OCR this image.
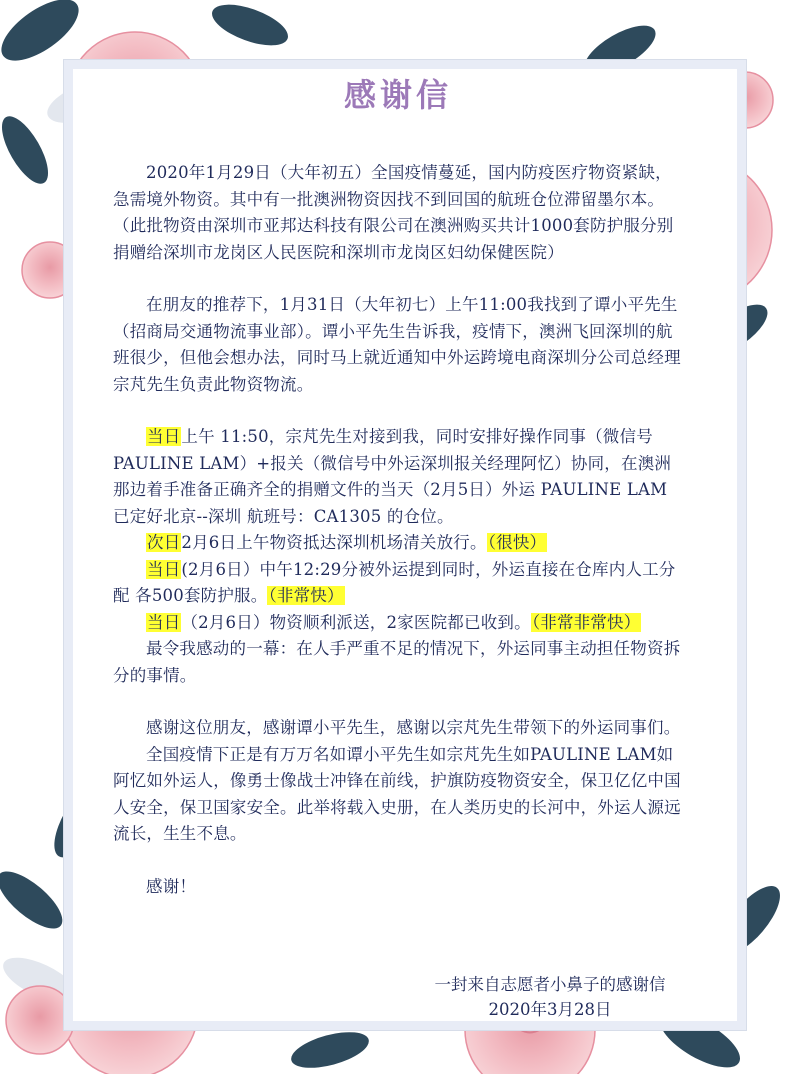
感谢信

2020年1月29日（大年初五）全国疫情蔓延，国内防疫医疗物资紧缺，急需境外物资。其中有一批澳洲物资因找不到回国的航班仓位滞留墨尔本。（此批物资由深圳市亚邦达科技有限公司在澳洲购买共计1000套防护服分别捐赠给深圳市龙岗区人民医院和深圳市龙岗区妇幼保健医院）

在朋友的推荐下，1月31日（大年初七）上午11:00我找到了谭小平先生（招商局交通物流事业部）。谭小平先生告诉我，疫情下，澳洲飞回深圳的航班很少，但他会想办法，同时马上就近通知中外运跨境电商深圳分公司总经理宗芃先生负责此物资物流。

当日上午 11:50，宗芃先生对接到我，同时安排好操作同事（微信号 PAULINE LAM）+报关（微信号中外运深圳报关经理阿忆）协同，在澳洲那边着手准备正确齐全的捐赠文件的当天（2月5日）外运 PAULINE LAM 已定好北京--深圳 航班号：CA1305 的仓位。

次日2月6日上午物资抵达深圳机场清关放行。（很快）

当日(2月6日）中午12:29分被外运提到同时，外运直接在仓库内人工分配 各500套防护服。（非常快）

当日（2月6日）物资顺利派送，2家医院都已收到。（非常非常快）

最令我感动的一幕：在人手严重不足的情况下，外运同事主动担任物资拆分的事情。

感谢这位朋友，感谢谭小平先生，感谢以宗芃先生带领下的外运同事们。

全国疫情下正是有万万名如谭小平先生如宗芃先生如PAULINE LAM如阿忆如外运人，像勇士像战士冲锋在前线，护旗防疫物资安全，保卫亿亿中国人安全，保卫国家安全。此举将载入史册，在人类历史的长河中，外运人源远流长，生生不息。

感谢！

一封来自志愿者小鼻子的感谢信
2020年3月28日
